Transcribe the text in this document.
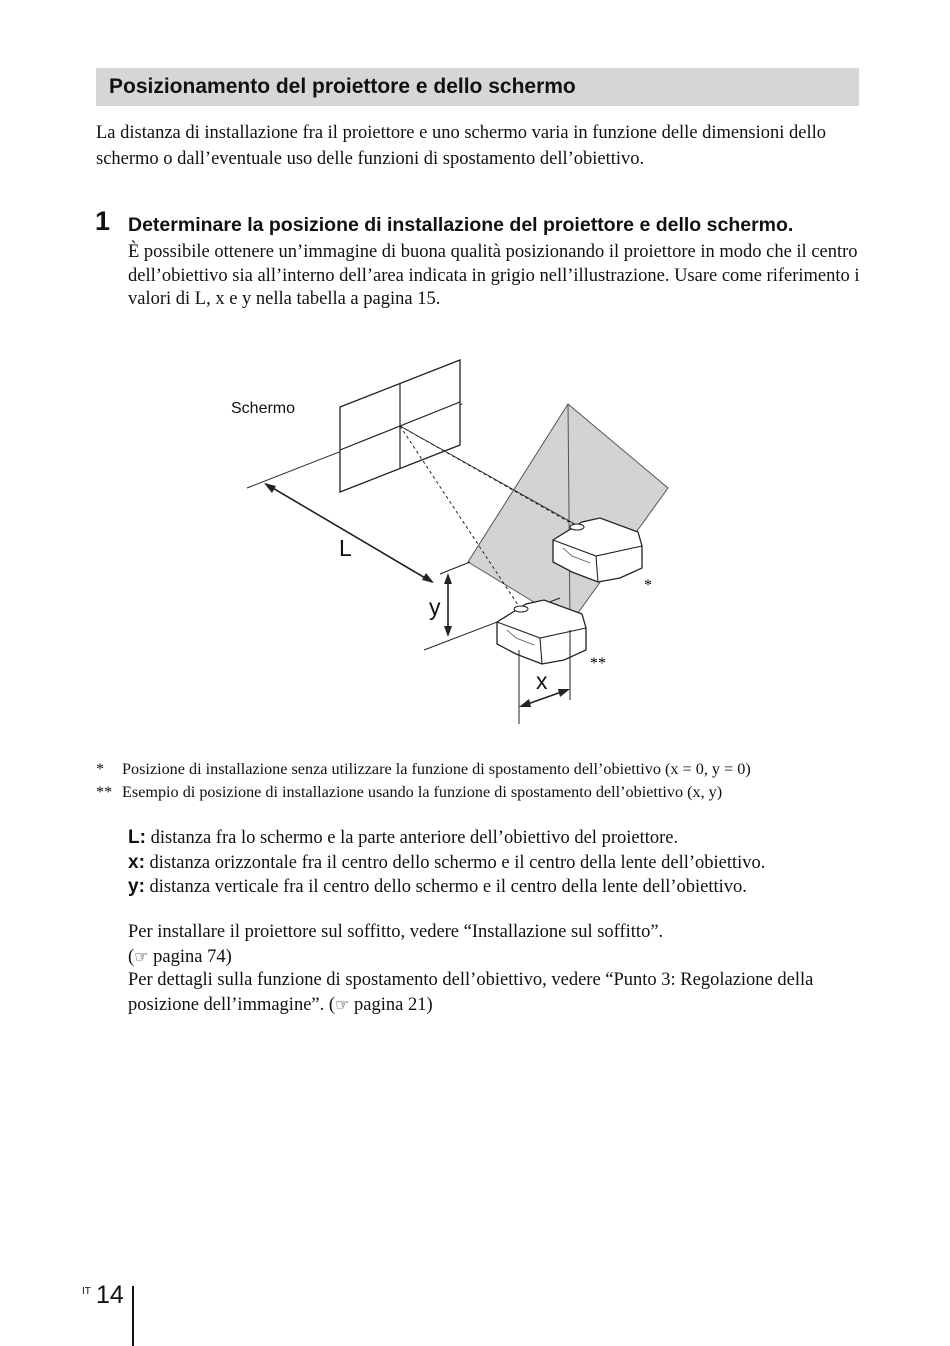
Posizionamento del proiettore e dello schermo

La distanza di installazione fra il proiettore e uno schermo varia in funzione delle dimensioni dello schermo o dall’eventuale uso delle funzioni di spostamento dell’obiettivo.

1 Determinare la posizione di installazione del proiettore e dello schermo.

È possibile ottenere un’immagine di buona qualità posizionando il proiettore in modo che il centro dell’obiettivo sia all’interno dell’area indicata in grigio nell’illustrazione. Usare come riferimento i valori di L, x e y nella tabella a pagina 15.

Schermo
L
y
x
*
**
*	Posizione di installazione senza utilizzare la funzione di spostamento dell’obiettivo (x = 0, y = 0)
** Esempio di posizione di installazione usando la funzione di spostamento dell’obiettivo (x, y)
L: distanza fra lo schermo e la parte anteriore dell’obiettivo del proiettore.
x: distanza orizzontale fra il centro dello schermo e il centro della lente dell’obiettivo.
y: distanza verticale fra il centro dello schermo e il centro della lente dell’obiettivo.

Per installare il proiettore sul soffitto, vedere “Installazione sul soffitto”.
(☞ pagina 74)

Per dettagli sulla funzione di spostamento dell’obiettivo, vedere “Punto 3: Regolazione della posizione dell’immagine”. (☞ pagina 21)

IT 14
